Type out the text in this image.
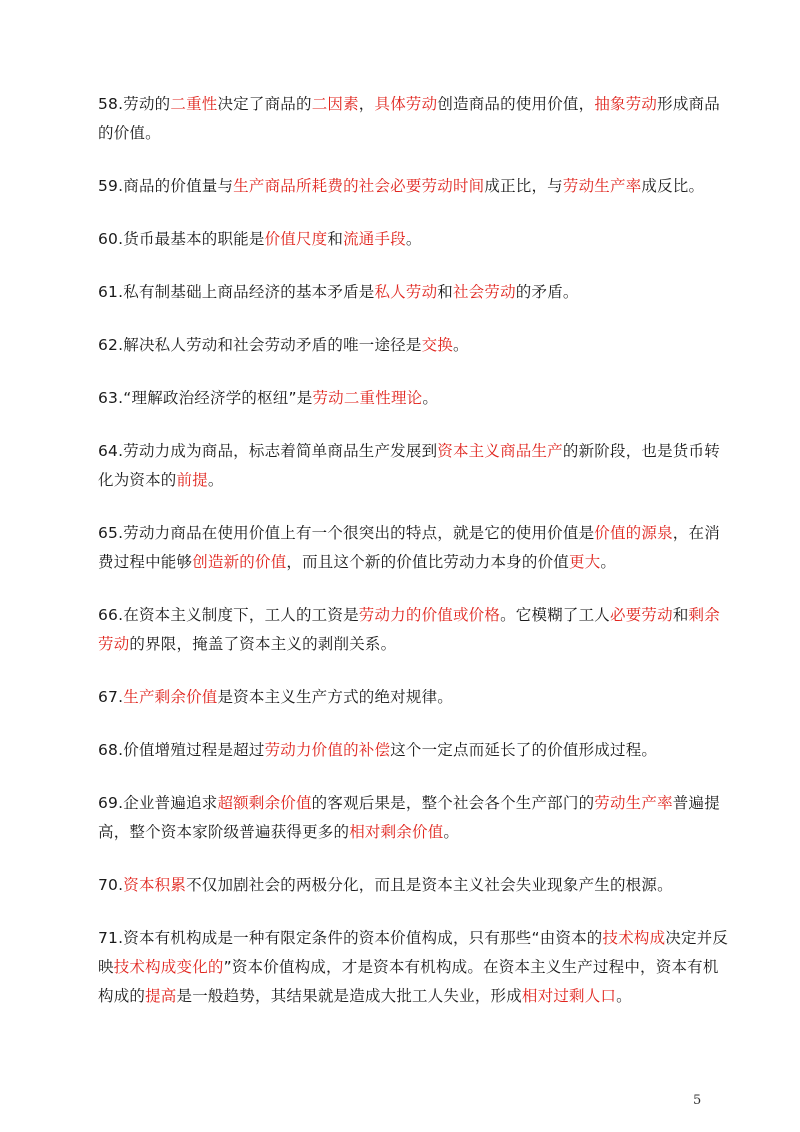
58.劳动的二重性决定了商品的二因素，具体劳动创造商品的使用价值，抽象劳动形成商品的价值。

59.商品的价值量与生产商品所耗费的社会必要劳动时间成正比，与劳动生产率成反比。

60.货币最基本的职能是价值尺度和流通手段。

61.私有制基础上商品经济的基本矛盾是私人劳动和社会劳动的矛盾。

62.解决私人劳动和社会劳动矛盾的唯一途径是交换。

63.“理解政治经济学的枢纽”是劳动二重性理论。

64.劳动力成为商品，标志着简单商品生产发展到资本主义商品生产的新阶段，也是货币转化为资本的前提。

65.劳动力商品在使用价值上有一个很突出的特点，就是它的使用价值是价值的源泉，在消费过程中能够创造新的价值，而且这个新的价值比劳动力本身的价值更大。

66.在资本主义制度下，工人的工资是劳动力的价值或价格。它模糊了工人必要劳动和剩余劳动的界限，掩盖了资本主义的剥削关系。

67.生产剩余价值是资本主义生产方式的绝对规律。

68.价值增殖过程是超过劳动力价值的补偿这个一定点而延长了的价值形成过程。

69.企业普遍追求超额剩余价值的客观后果是，整个社会各个生产部门的劳动生产率普遍提高，整个资本家阶级普遍获得更多的相对剩余价值。

70.资本积累不仅加剧社会的两极分化，而且是资本主义社会失业现象产生的根源。

71.资本有机构成是一种有限定条件的资本价值构成，只有那些“由资本的技术构成决定并反映技术构成变化的”资本价值构成，才是资本有机构成。在资本主义生产过程中，资本有机构成的提高是一般趋势，其结果就是造成大批工人失业，形成相对过剩人口。

5
